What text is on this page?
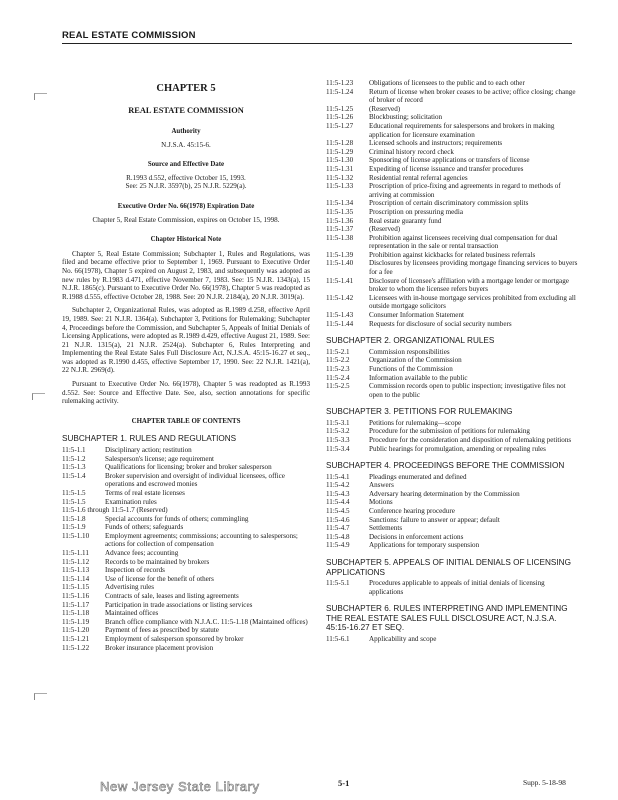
REAL ESTATE COMMISSION
CHAPTER 5
REAL ESTATE COMMISSION
Authority
N.J.S.A. 45:15-6.
Source and Effective Date
R.1993 d.552, effective October 15, 1993.
See: 25 N.J.R. 3597(b), 25 N.J.R. 5229(a).
Executive Order No. 66(1978) Expiration Date
Chapter 5, Real Estate Commission, expires on October 15, 1998.
Chapter Historical Note
Chapter 5, Real Estate Commission; Subchapter 1, Rules and Regulations, was filed and became effective prior to September 1, 1969. Pursuant to Executive Order No. 66(1978), Chapter 5 expired on August 2, 1983, and subsequently was adopted as new rules by R.1983 d.471, effective November 7, 1983. See: 15 N.J.R. 1343(a), 15 N.J.R. 1865(c). Pursuant to Executive Order No. 66(1978), Chapter 5 was readopted as R.1988 d.555, effective October 28, 1988. See: 20 N.J.R. 2184(a), 20 N.J.R. 3019(a).
Subchapter 2, Organizational Rules, was adopted as R.1989 d.258, effective April 19, 1989. See: 21 N.J.R. 1364(a). Subchapter 3, Petitions for Rulemaking; Subchapter 4, Proceedings before the Commission, and Subchapter 5, Appeals of Initial Denials of Licensing Applications, were adopted as R.1989 d.429, effective August 21, 1989. See: 21 N.J.R. 1315(a), 21 N.J.R. 2524(a). Subchapter 6, Rules Interpreting and Implementing the Real Estate Sales Full Disclosure Act, N.J.S.A. 45:15-16.27 et seq., was adopted as R.1990 d.455, effective September 17, 1990. See: 22 N.J.R. 1421(a), 22 N.J.R. 2969(d).
Pursuant to Executive Order No. 66(1978), Chapter 5 was readopted as R.1993 d.552. See: Source and Effective Date. See, also, section annotations for specific rulemaking activity.
CHAPTER TABLE OF CONTENTS
SUBCHAPTER 1. RULES AND REGULATIONS
11:5-1.1	Disciplinary action; restitution
11:5-1.2	Salesperson's license; age requirement
11:5-1.3	Qualifications for licensing; broker and broker salesperson
11:5-1.4	Broker supervision and oversight of individual licensees, office operations and escrowed monies
11:5-1.5	Terms of real estate licenses
11:5-1.5	Examination rules
11:5-1.6 through 11:5-1.7 (Reserved)
11:5-1.8	Special accounts for funds of others; commingling
11:5-1.9	Funds of others; safeguards
11:5-1.10	Employment agreements; commissions; accounting to salespersons; actions for collection of compensation
11:5-1.11	Advance fees; accounting
11:5-1.12	Records to be maintained by brokers
11:5-1.13	Inspection of records
11:5-1.14	Use of license for the benefit of others
11:5-1.15	Advertising rules
11:5-1.16	Contracts of sale, leases and listing agreements
11:5-1.17	Participation in trade associations or listing services
11:5-1.18	Maintained offices
11:5-1.19	Branch office compliance with N.J.A.C. 11:5-1.18 (Maintained offices)
11:5-1.20	Payment of fees as prescribed by statute
11:5-1.21	Employment of salesperson sponsored by broker
11:5-1.22	Broker insurance placement provision
11:5-1.23	Obligations of licensees to the public and to each other
11:5-1.24	Return of license when broker ceases to be active; office closing; change of broker of record
11:5-1.25	(Reserved)
11:5-1.26	Blockbusting; solicitation
11:5-1.27	Educational requirements for salespersons and brokers in making application for licensure examination
11:5-1.28	Licensed schools and instructors; requirements
11:5-1.29	Criminal history record check
11:5-1.30	Sponsoring of license applications or transfers of license
11:5-1.31	Expediting of license issuance and transfer procedures
11:5-1.32	Residential rental referral agencies
11:5-1.33	Proscription of price-fixing and agreements in regard to methods of arriving at commission
11:5-1.34	Proscription of certain discriminatory commission splits
11:5-1.35	Proscription on pressuring media
11:5-1.36	Real estate guaranty fund
11:5-1.37	(Reserved)
11:5-1.38	Prohibition against licensees receiving dual compensation for dual representation in the sale or rental transaction
11:5-1.39	Prohibition against kickbacks for related business referrals
11:5-1.40	Disclosures by licensees providing mortgage financing services to buyers for a fee
11:5-1.41	Disclosure of licensee's affiliation with a mortgage lender or mortgage broker to whom the licensee refers buyers
11:5-1.42	Licensees with in-house mortgage services prohibited from excluding all outside mortgage solicitors
11:5-1.43	Consumer Information Statement
11:5-1.44	Requests for disclosure of social security numbers
SUBCHAPTER 2. ORGANIZATIONAL RULES
11:5-2.1	Commission responsibilities
11:5-2.2	Organization of the Commission
11:5-2.3	Functions of the Commission
11:5-2.4	Information available to the public
11:5-2.5	Commission records open to public inspection; investigative files not open to the public
SUBCHAPTER 3. PETITIONS FOR RULEMAKING
11:5-3.1	Petitions for rulemaking—scope
11:5-3.2	Procedure for the submission of petitions for rulemaking
11:5-3.3	Procedure for the consideration and disposition of rulemaking petitions
11:5-3.4	Public hearings for promulgation, amending or repealing rules
SUBCHAPTER 4. PROCEEDINGS BEFORE THE COMMISSION
11:5-4.1	Pleadings enumerated and defined
11:5-4.2	Answers
11:5-4.3	Adversary hearing determination by the Commission
11:5-4.4	Motions
11:5-4.5	Conference hearing procedure
11:5-4.6	Sanctions: failure to answer or appear; default
11:5-4.7	Settlements
11:5-4.8	Decisions in enforcement actions
11:5-4.9	Applications for temporary suspension
SUBCHAPTER 5. APPEALS OF INITIAL DENIALS OF LICENSING APPLICATIONS
11:5-5.1	Procedures applicable to appeals of initial denials of licensing applications
SUBCHAPTER 6. RULES INTERPRETING AND IMPLEMENTING THE REAL ESTATE SALES FULL DISCLOSURE ACT, N.J.S.A. 45:15-16.27 ET SEQ.
11:5-6.1	Applicability and scope
New Jersey State Library	5-1	Supp. 5-18-98
